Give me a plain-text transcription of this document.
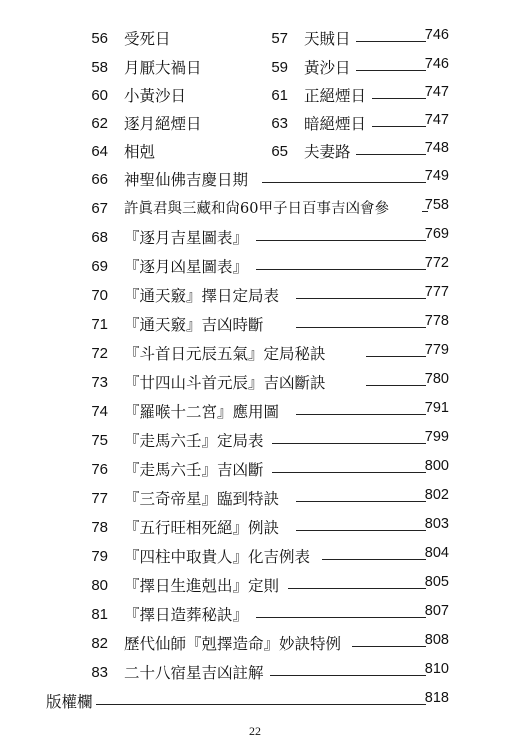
56 受死日	57 天賊日	746
58 月厭大禍日	59 黃沙日	746
60 小黃沙日	61 正絕煙日	747
62 逐月絕煙日	63 暗絕煙日	747
64 相剋	65 夫妻路	748
66 神聖仙佛吉慶日期	749
67 許眞君與三藏和尙60甲子日百事吉凶會參	758
68 『逐月吉星圖表』	769
69 『逐月凶星圖表』	772
70 『通天竅』擇日定局表	777
71 『通天竅』吉凶時斷	778
72 『斗首日元辰五氣』定局秘訣	779
73 『廿四山斗首元辰』吉凶斷訣	780
74 『羅喉十二宮』應用圖	791
75 『走馬六壬』定局表	799
76 『走馬六壬』吉凶斷	800
77 『三奇帝星』臨到特訣	802
78 『五行旺相死絕』例訣	803
79 『四柱中取貴人』化吉例表	804
80 『擇日生進剋出』定則	805
81 『擇日造葬秘訣』	807
82 歷代仙師『剋擇造命』妙訣特例	808
83 二十八宿星吉凶註解	810
版權欄	818
22
